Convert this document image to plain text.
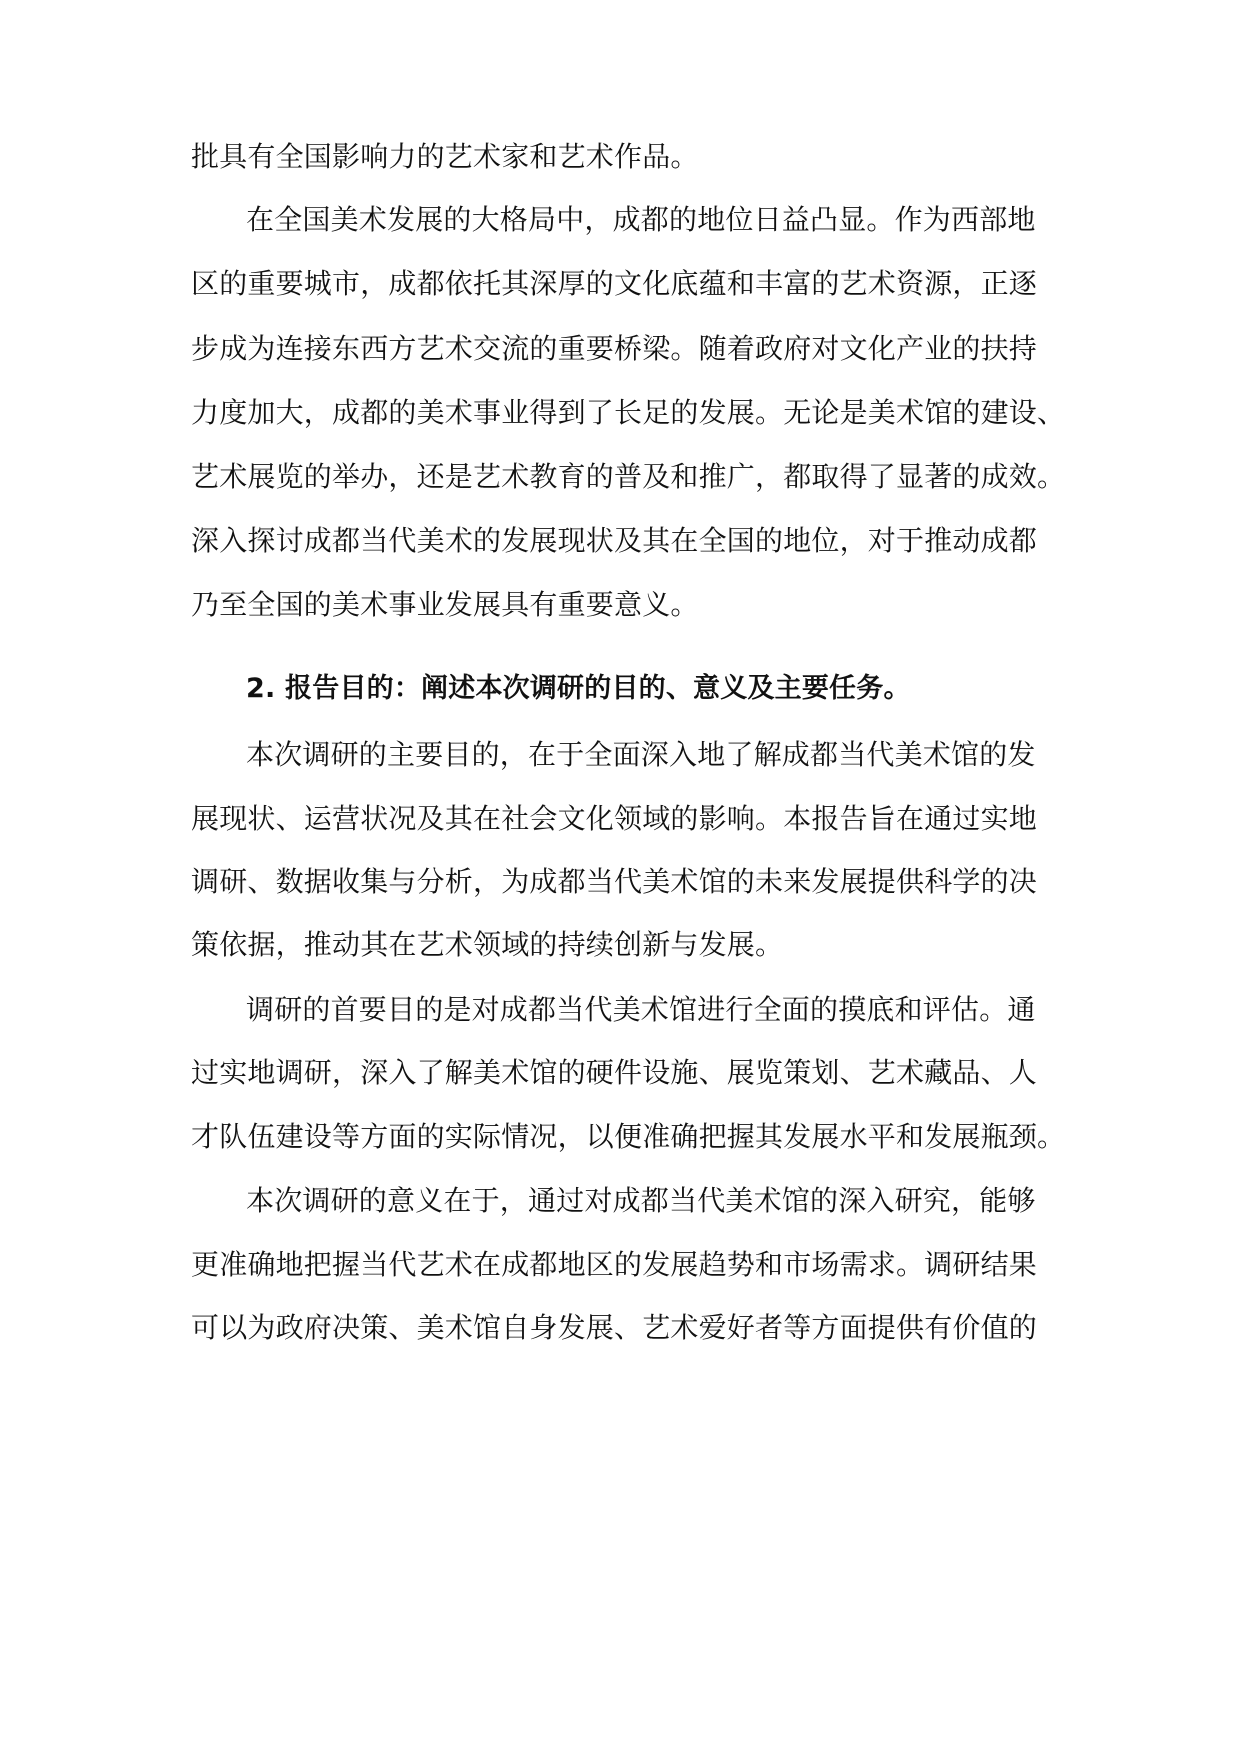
批具有全国影响力的艺术家和艺术作品。
在全国美术发展的大格局中，成都的地位日益凸显。作为西部地
区的重要城市，成都依托其深厚的文化底蕴和丰富的艺术资源，正逐
步成为连接东西方艺术交流的重要桥梁。随着政府对文化产业的扶持
力度加大，成都的美术事业得到了长足的发展。无论是美术馆的建设、
艺术展览的举办，还是艺术教育的普及和推广，都取得了显著的成效。
深入探讨成都当代美术的发展现状及其在全国的地位，对于推动成都
乃至全国的美术事业发展具有重要意义。
2. 报告目的：阐述本次调研的目的、意义及主要任务。
本次调研的主要目的，在于全面深入地了解成都当代美术馆的发
展现状、运营状况及其在社会文化领域的影响。本报告旨在通过实地
调研、数据收集与分析，为成都当代美术馆的未来发展提供科学的决
策依据，推动其在艺术领域的持续创新与发展。
调研的首要目的是对成都当代美术馆进行全面的摸底和评估。通
过实地调研，深入了解美术馆的硬件设施、展览策划、艺术藏品、人
才队伍建设等方面的实际情况，以便准确把握其发展水平和发展瓶颈。
本次调研的意义在于，通过对成都当代美术馆的深入研究，能够
更准确地把握当代艺术在成都地区的发展趋势和市场需求。调研结果
可以为政府决策、美术馆自身发展、艺术爱好者等方面提供有价值的
